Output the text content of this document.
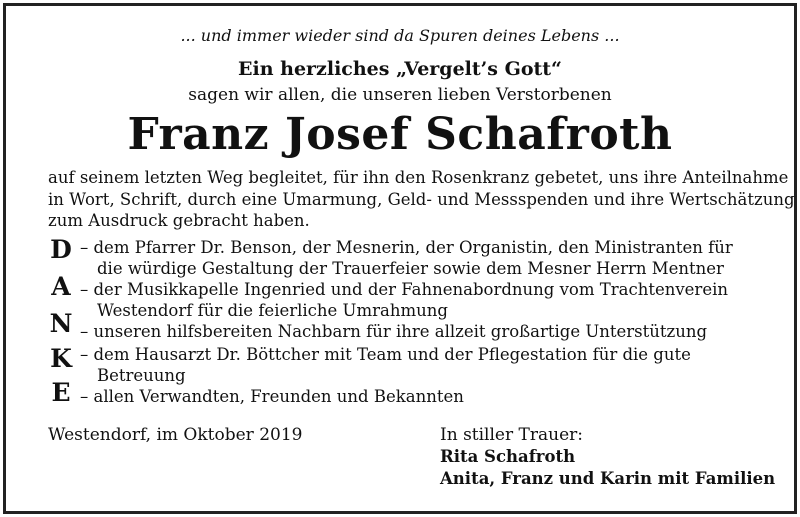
... und immer wieder sind da Spuren deines Lebens ...
Ein herzliches „Vergelt’s Gott“
sagen wir allen, die unseren lieben Verstorbenen
Franz Josef Schafroth
auf seinem letzten Weg begleitet, für ihn den Rosenkranz gebetet, uns ihre Anteilnahme
in Wort, Schrift, durch eine Umarmung, Geld- und Messspenden und ihre Wertschätzung
zum Ausdruck gebracht haben.
D
A
N
K
E
– dem Pfarrer Dr. Benson, der Mesnerin, der Organistin, den Ministranten für
die würdige Gestaltung der Trauerfeier sowie dem Mesner Herrn Mentner
– der Musikkapelle Ingenried und der Fahnenabordnung vom Trachtenverein
Westendorf für die feierliche Umrahmung
– unseren hilfsbereiten Nachbarn für ihre allzeit großartige Unterstützung
– dem Hausarzt Dr. Böttcher mit Team und der Pflegestation für die gute
Betreuung
– allen Verwandten, Freunden und Bekannten
Westendorf, im Oktober 2019	In stiller Trauer:
Rita Schafroth
Anita, Franz und Karin mit Familien
